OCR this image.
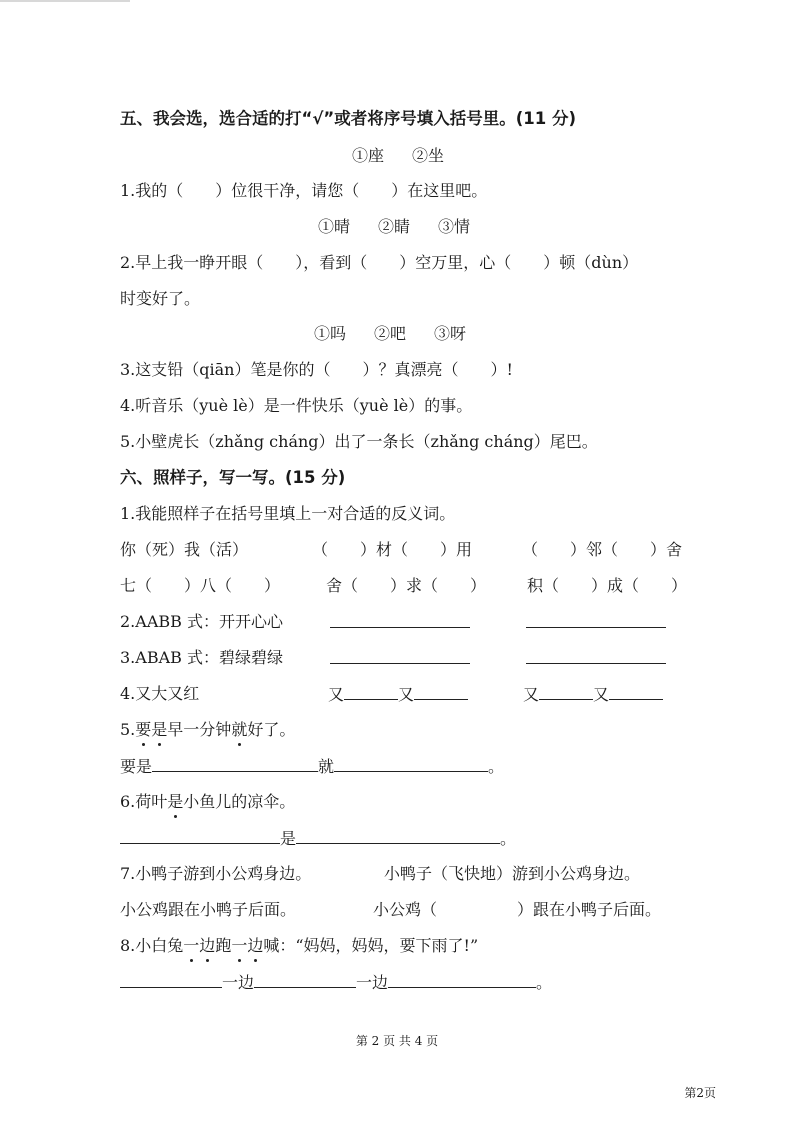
五、我会选，选合适的打“√”或者将序号填入括号里。(11 分)
①座 ②坐
1.我的（　　）位很干净，请您（　　）在这里吧。
①晴 ②睛 ③情
2.早上我一睁开眼（　　），看到（　　）空万里，心（　　）顿（dùn）
时变好了。
①吗 ②吧 ③呀
3.这支铅（qiān）笔是你的（　　）？真漂亮（　　）!
4.听音乐（yuè lè）是一件快乐（yuè lè）的事。
5.小壁虎长（zhǎng cháng）出了一条长（zhǎng cháng）尾巴。
六、照样子，写一写。(15 分)
1.我能照样子在括号里填上一对合适的反义词。
你（死）我（活）	（　　）材（　　）用	（　　）邻（　　）舍
七（　　）八（　　）	舍（　　）求（　　）	积（　　）成（　　）
2.AABB 式：开开心心
3.ABAB 式：碧绿碧绿
4.又大又红	又	又	又	又
5.要是早一分钟就好了。
要是	就	。
6.荷叶是小鱼儿的凉伞。
是	。
7.小鸭子游到小公鸡身边。	小鸭子（飞快地）游到小公鸡身边。
小公鸡跟在小鸭子后面。	小公鸡（　　　　　）跟在小鸭子后面。
8.小白兔一边跑一边喊：“妈妈，妈妈，要下雨了!”
一边	一边	。
第 2 页 共 4 页
第2页
